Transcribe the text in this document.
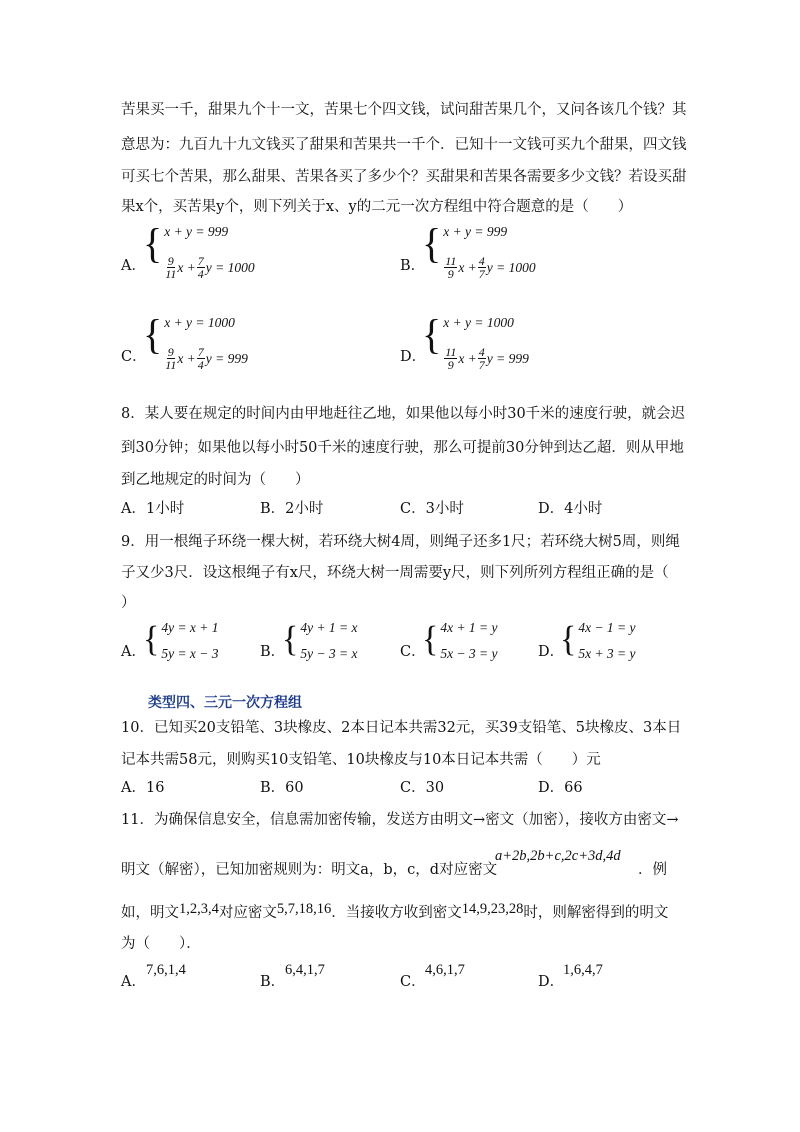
苦果买一千，甜果九个十一文，苦果七个四文钱，试问甜苦果几个，又问各该几个钱？其
意思为：九百九十九文钱买了甜果和苦果共一千个．已知十一文钱可买九个甜果，四文钱
可买七个苦果，那么甜果、苦果各买了多少个？买甜果和苦果各需要多少文钱？若设买甜
果x个，买苦果y个，则下列关于x、y的二元一次方程组中符合题意的是（　　）
A．
{ x + y = 999
$\frac{9}{11}$ $x + \frac{7}{4}$ y = 1000	B．
{ x + y = 999
$\frac{11}{9}$ $x + \frac{4}{7}$ y = 1000
C．
{ x + y = 1000
$\frac{9}{11}$ $x + \frac{7}{4}$ y = 999	D．
{ x + y = 1000
$\frac{11}{9}$ $x + \frac{4}{7}$ y = 999
8．某人要在规定的时间内由甲地赶往乙地，如果他以每小时30千米的速度行驶，就会迟
到30分钟；如果他以每小时50千米的速度行驶，那么可提前30分钟到达乙超．则从甲地
到乙地规定的时间为（　　）
A．1小时	B．2小时	C．3小时	D．4小时
9．用一根绳子环绕一棵大树，若环绕大树4周，则绳子还多1尺；若环绕大树5周，则绳
子又少3尺．设这根绳子有x尺，环绕大树一周需要y尺，则下列所列方程组正确的是（
）
A．
{ 4y = x + 1
5y = x − 3	B．
{ 4y + 1 = x
5y − 3 = x	C．
{ 4x + 1 = y
5x − 3 = y	D．
{ 4x − 1 = y
5x + 3 = y
类型四、三元一次方程组
10．已知买20支铅笔、3块橡皮、2本日记本共需32元，买39支铅笔、5块橡皮、3本日
记本共需58元，则购买10支铅笔、10块橡皮与10本日记本共需（　　）元
A．16	B．60	C．30	D．66
11．为确保信息安全，信息需加密传输，发送方由明文→密文（加密），接收方由密文→
明文（解密），已知加密规则为：明文a，b，c，d对应密文
a+2b,2b+c,2c+3d,4d
．例
如，明文1,2,3,4对应密文5,7,18,16．当接收方收到密文14,9,23,28时，则解密得到的明文
为（　　）．
A．
7,6,1,4
B．
6,4,1,7
C．
4,6,1,7
D．
1,6,4,7
